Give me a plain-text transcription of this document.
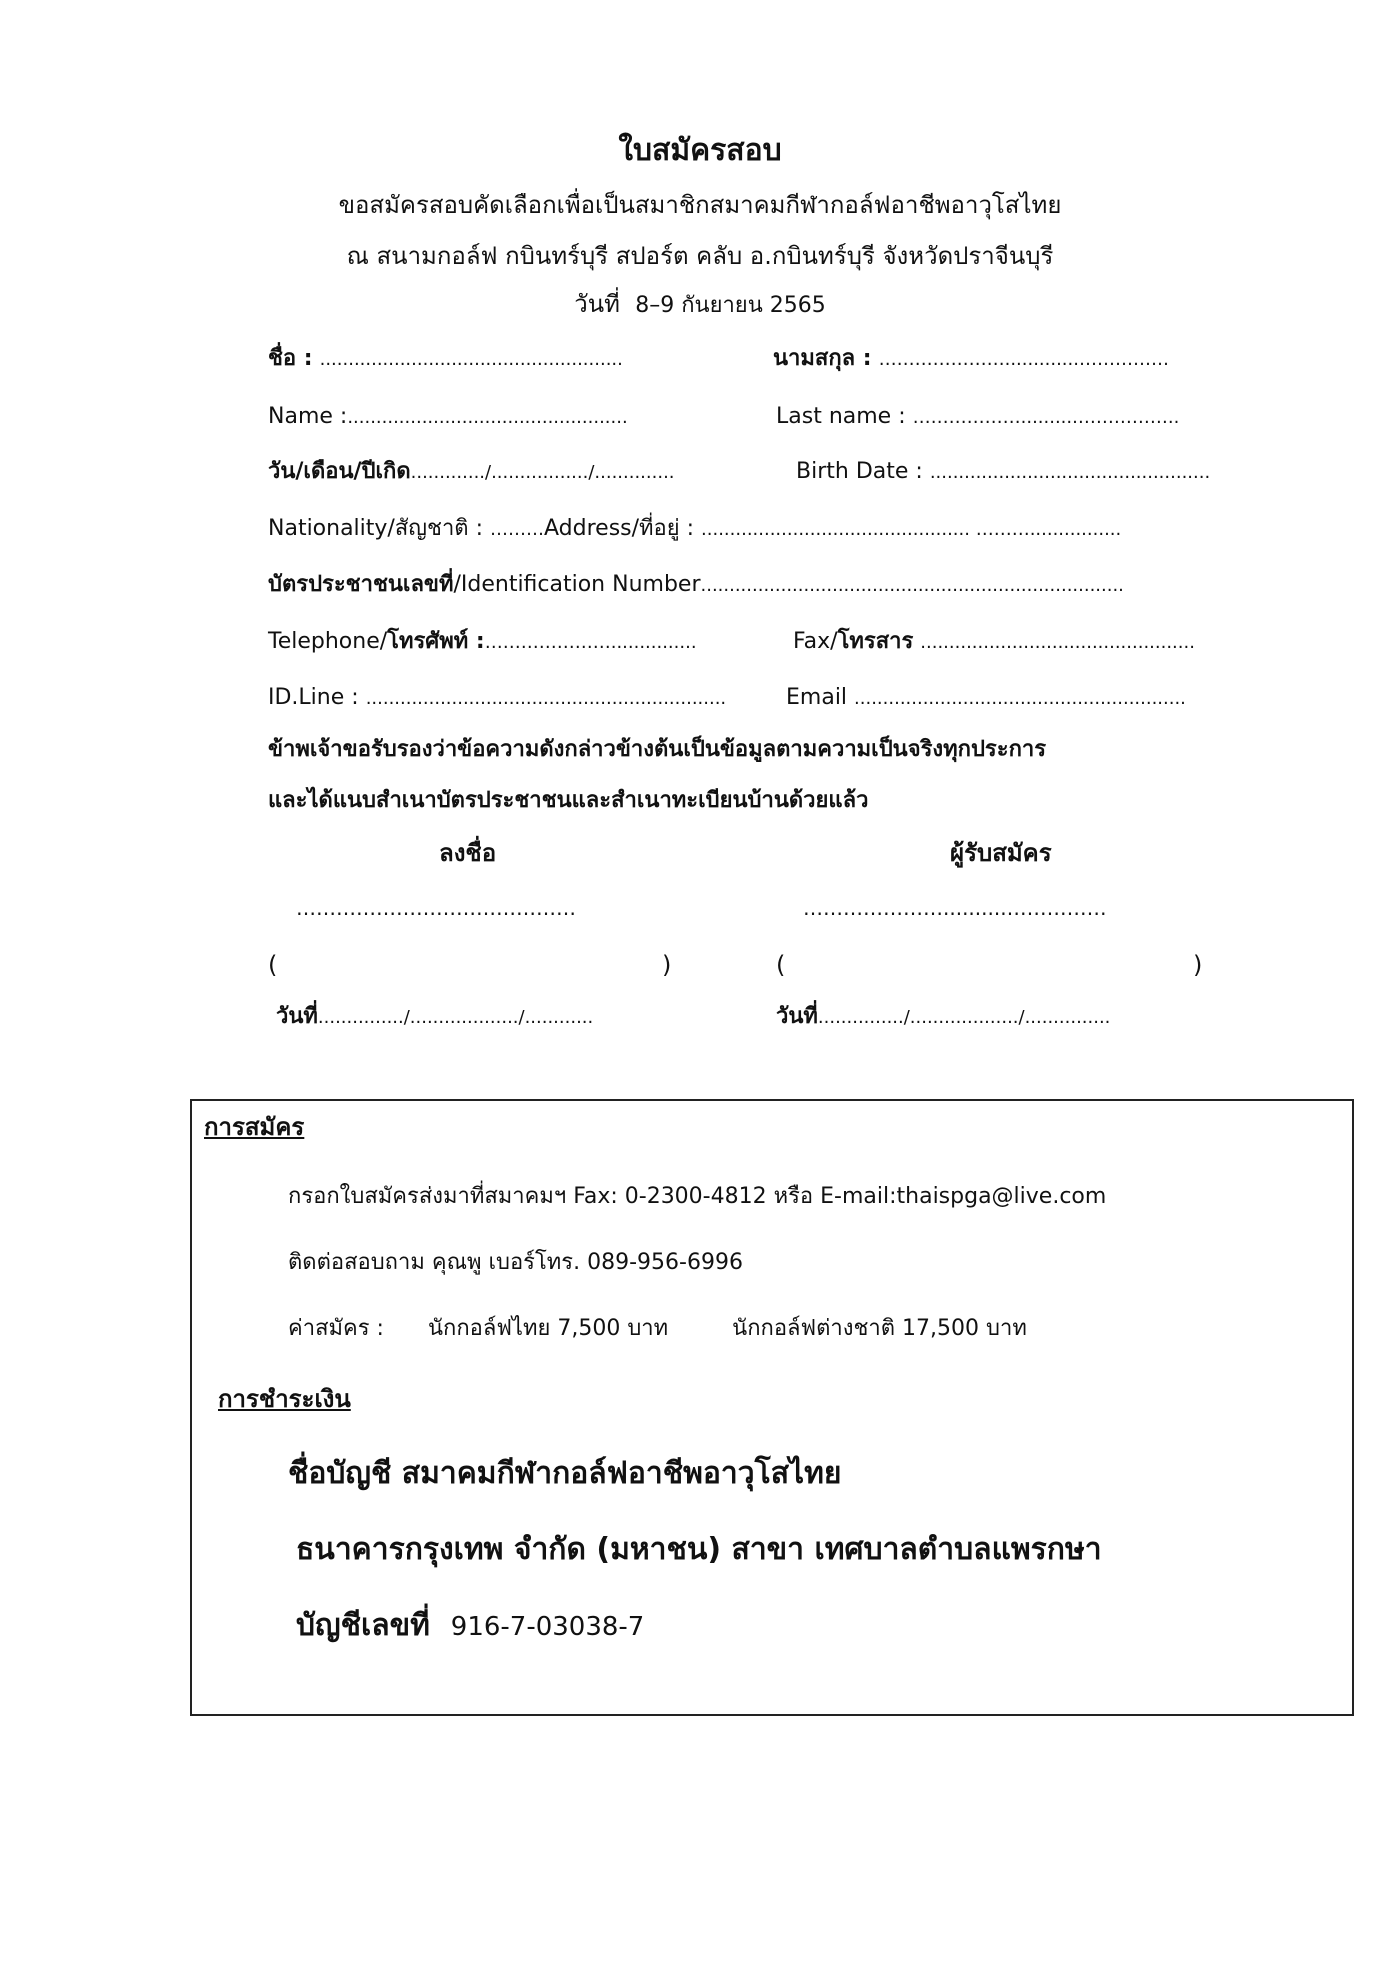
ใบสมัครสอบ
ขอสมัครสอบคัดเลือกเพื่อเป็นสมาชิกสมาคมกีฬากอล์ฟอาชีพอาวุโสไทย
ณ สนามกอล์ฟ กบินทร์บุรี สปอร์ต คลับ อ.กบินทร์บุรี จังหวัดปราจีนบุรี
วันที่ 8–9 กันยายน 2565
ชื่อ : .....................................................	นามสกุล : ………………….............……………
Name :.................................................	Last name : ………………..........……………..
วัน/เดือน/ปีเกิด............./................./..............	Birth Date : .................................................
Nationality/สัญชาติ : ………Address/ที่อยู่ : ............................................... ………................
บัตรประชาชนเลขที่/Identification Number..........................................................................
Telephone/โทรศัพท์ :…………………...............	Fax/โทรสาร ................................................
ID.Line : ...............................................................	Email ..........................................................
ข้าพเจ้าขอรับรองว่าข้อความดังกล่าวข้างต้นเป็นข้อมูลตามความเป็นจริงทุกประการ
และได้แนบสำเนาบัตรประชาชนและสำเนาทะเบียนบ้านด้วยแล้ว
ลงชื่อ	ผู้รับสมัคร
……………………………………	…………………..........……………
(	)	(	)
วันที่.............../.................../............	วันที่.............../.................../...............
การสมัคร
กรอกใบสมัครส่งมาที่สมาคมฯ Fax: 0-2300-4812 หรือ E-mail:thaispga@live.com
ติดต่อสอบถาม คุณพู เบอร์โทร. 089-956-6996
ค่าสมัคร : นักกอล์ฟไทย 7,500 บาท	นักกอล์ฟต่างชาติ 17,500 บาท
การชำระเงิน
ชื่อบัญชี สมาคมกีฬากอล์ฟอาชีพอาวุโสไทย
ธนาคารกรุงเทพ จำกัด (มหาชน) สาขา เทศบาลตำบลแพรกษา
บัญชีเลขที่ 916-7-03038-7
